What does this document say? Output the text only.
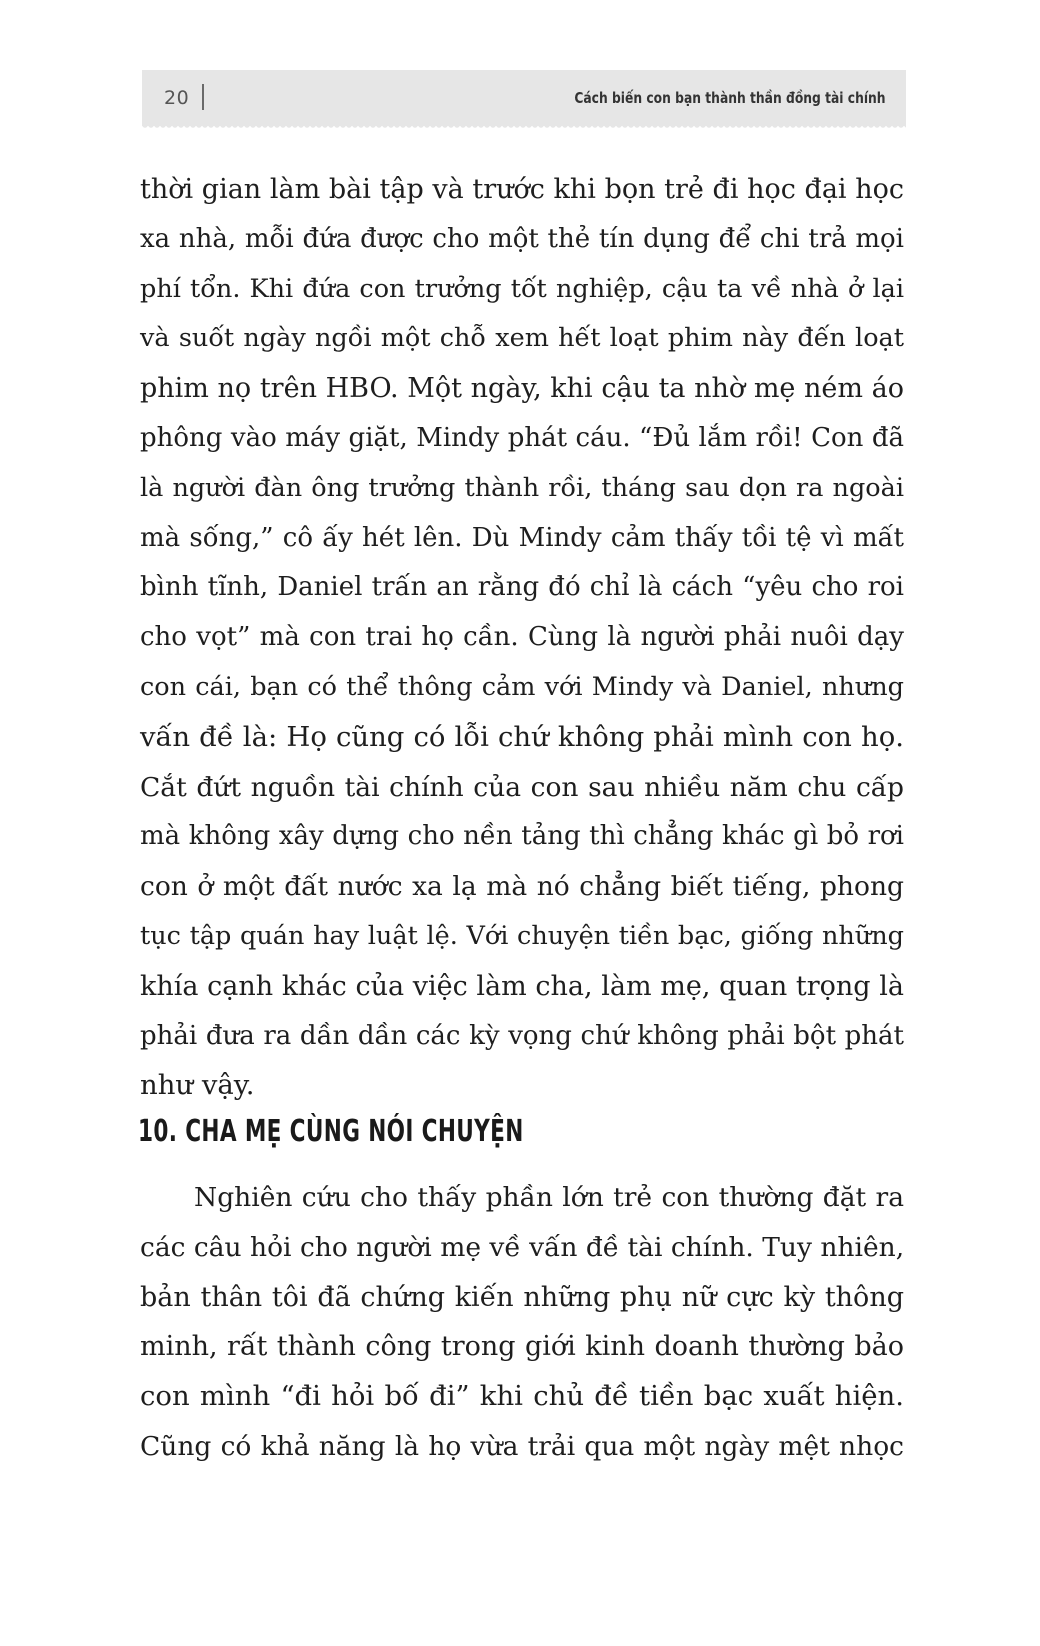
20	Cách biến con bạn thành thần đồng tài chính
thời gian làm bài tập và trước khi bọn trẻ đi học đại học
xa nhà, mỗi đứa được cho một thẻ tín dụng để chi trả mọi
phí tổn. Khi đứa con trưởng tốt nghiệp, cậu ta về nhà ở lại
và suốt ngày ngồi một chỗ xem hết loạt phim này đến loạt
phim nọ trên HBO. Một ngày, khi cậu ta nhờ mẹ ném áo
phông vào máy giặt, Mindy phát cáu. “Đủ lắm rồi! Con đã
là người đàn ông trưởng thành rồi, tháng sau dọn ra ngoài
mà sống,” cô ấy hét lên. Dù Mindy cảm thấy tồi tệ vì mất
bình tĩnh, Daniel trấn an rằng đó chỉ là cách “yêu cho roi
cho vọt” mà con trai họ cần. Cùng là người phải nuôi dạy
con cái, bạn có thể thông cảm với Mindy và Daniel, nhưng
vấn đề là: Họ cũng có lỗi chứ không phải mình con họ.
Cắt đứt nguồn tài chính của con sau nhiều năm chu cấp
mà không xây dựng cho nền tảng thì chẳng khác gì bỏ rơi
con ở một đất nước xa lạ mà nó chẳng biết tiếng, phong
tục tập quán hay luật lệ. Với chuyện tiền bạc, giống những
khía cạnh khác của việc làm cha, làm mẹ, quan trọng là
phải đưa ra dần dần các kỳ vọng chứ không phải bột phát
như vậy.
10. CHA MẸ CÙNG NÓI CHUYỆN
Nghiên cứu cho thấy phần lớn trẻ con thường đặt ra
các câu hỏi cho người mẹ về vấn đề tài chính. Tuy nhiên,
bản thân tôi đã chứng kiến những phụ nữ cực kỳ thông
minh, rất thành công trong giới kinh doanh thường bảo
con mình “đi hỏi bố đi” khi chủ đề tiền bạc xuất hiện.
Cũng có khả năng là họ vừa trải qua một ngày mệt nhọc
